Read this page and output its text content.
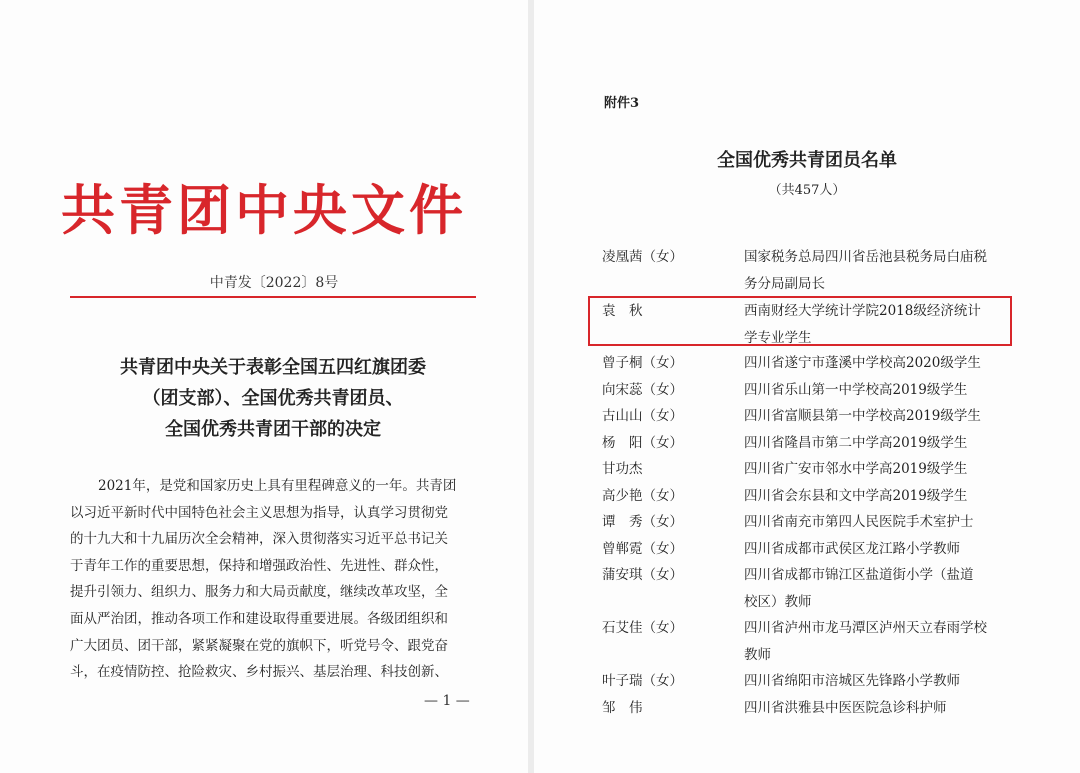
共青团中央文件
中青发〔2022〕8号
共青团中央关于表彰全国五四红旗团委
（团支部）、全国优秀共青团员、
全国优秀共青团干部的决定
2021年，是党和国家历史上具有里程碑意义的一年。共青团
以习近平新时代中国特色社会主义思想为指导，认真学习贯彻党
的十九大和十九届历次全会精神，深入贯彻落实习近平总书记关
于青年工作的重要思想，保持和增强政治性、先进性、群众性，
提升引领力、组织力、服务力和大局贡献度，继续改革攻坚，全
面从严治团，推动各项工作和建设取得重要进展。各级团组织和
广大团员、团干部，紧紧凝聚在党的旗帜下，听党号令、跟党奋
斗，在疫情防控、抢险救灾、乡村振兴、基层治理、科技创新、
— 1 —
附件3
全国优秀共青团员名单
（共457人）
凌凰茜（女）	国家税务总局四川省岳池县税务局白庙税
务分局副局长
袁　秋	西南财经大学统计学院2018级经济统计
学专业学生
曾子桐（女）	四川省遂宁市蓬溪中学校高2020级学生
向宋蕊（女）	四川省乐山第一中学校高2019级学生
古山山（女）	四川省富顺县第一中学校高2019级学生
杨　阳（女）	四川省隆昌市第二中学高2019级学生
甘功杰	四川省广安市邻水中学高2019级学生
高少艳（女）	四川省会东县和文中学高2019级学生
谭　秀（女）	四川省南充市第四人民医院手术室护士
曾郸霓（女）	四川省成都市武侯区龙江路小学教师
蒲安琪（女）	四川省成都市锦江区盐道街小学（盐道
校区）教师
石艾佳（女）	四川省泸州市龙马潭区泸州天立春雨学校
教师
叶子瑞（女）	四川省绵阳市涪城区先锋路小学教师
邹　伟	四川省洪雅县中医医院急诊科护师
